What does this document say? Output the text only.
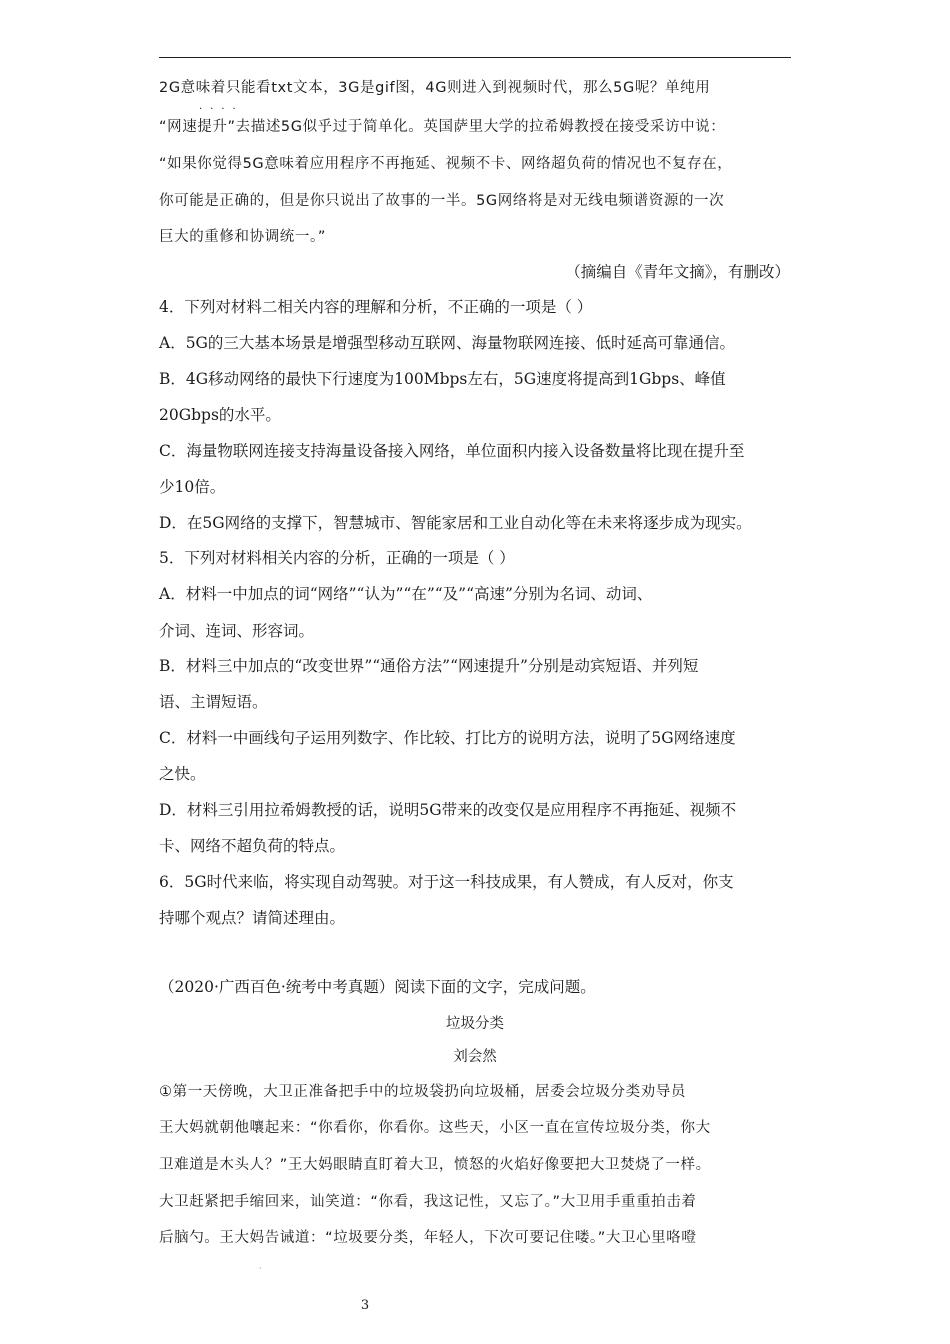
2G意味着只能看txt文本，3G是gif图，4G则进入到视频时代，那么5G呢？单纯用
····
“网速提升”去描述5G似乎过于简单化。英国萨里大学的拉希姆教授在接受采访中说：
“如果你觉得5G意味着应用程序不再拖延、视频不卡、网络超负荷的情况也不复存在，
你可能是正确的，但是你只说出了故事的一半。5G网络将是对无线电频谱资源的一次
巨大的重修和协调统一。”
（摘编自《青年文摘》，有删改）
4．下列对材料二相关内容的理解和分析，不正确的一项是（ ）
A．5G的三大基本场景是增强型移动互联网、海量物联网连接、低时延高可靠通信。
B．4G移动网络的最快下行速度为100Mbps左右，5G速度将提高到1Gbps、峰值
20Gbps的水平。
C．海量物联网连接支持海量设备接入网络，单位面积内接入设备数量将比现在提升至
少10倍。
D．在5G网络的支撑下，智慧城市、智能家居和工业自动化等在未来将逐步成为现实。
5．下列对材料相关内容的分析，正确的一项是（ ）
A．材料一中加点的词“网络”“认为”“在”“及”“高速”分别为名词、动词、
介词、连词、形容词。
B．材料三中加点的“改变世界”“通俗方法”“网速提升”分别是动宾短语、并列短
语、主谓短语。
C．材料一中画线句子运用列数字、作比较、打比方的说明方法，说明了5G网络速度
之快。
D．材料三引用拉希姆教授的话，说明5G带来的改变仅是应用程序不再拖延、视频不
卡、网络不超负荷的特点。
6．5G时代来临，将实现自动驾驶。对于这一科技成果，有人赞成，有人反对，你支
持哪个观点？请简述理由。
（2020·广西百色·统考中考真题）阅读下面的文字，完成问题。
垃圾分类
刘会然
①第一天傍晚，大卫正准备把手中的垃圾袋扔向垃圾桶，居委会垃圾分类劝导员
王大妈就朝他嚷起来：“你看你，你看你。这些天，小区一直在宣传垃圾分类，你大
卫难道是木头人？”王大妈眼睛直盯着大卫，愤怒的火焰好像要把大卫焚烧了一样。
大卫赶紧把手缩回来，讪笑道：“你看，我这记性，又忘了。”大卫用手重重拍击着
后脑勺。王大妈告诫道：“垃圾要分类，年轻人，下次可要记住喽。”大卫心里咯噔
·
3
